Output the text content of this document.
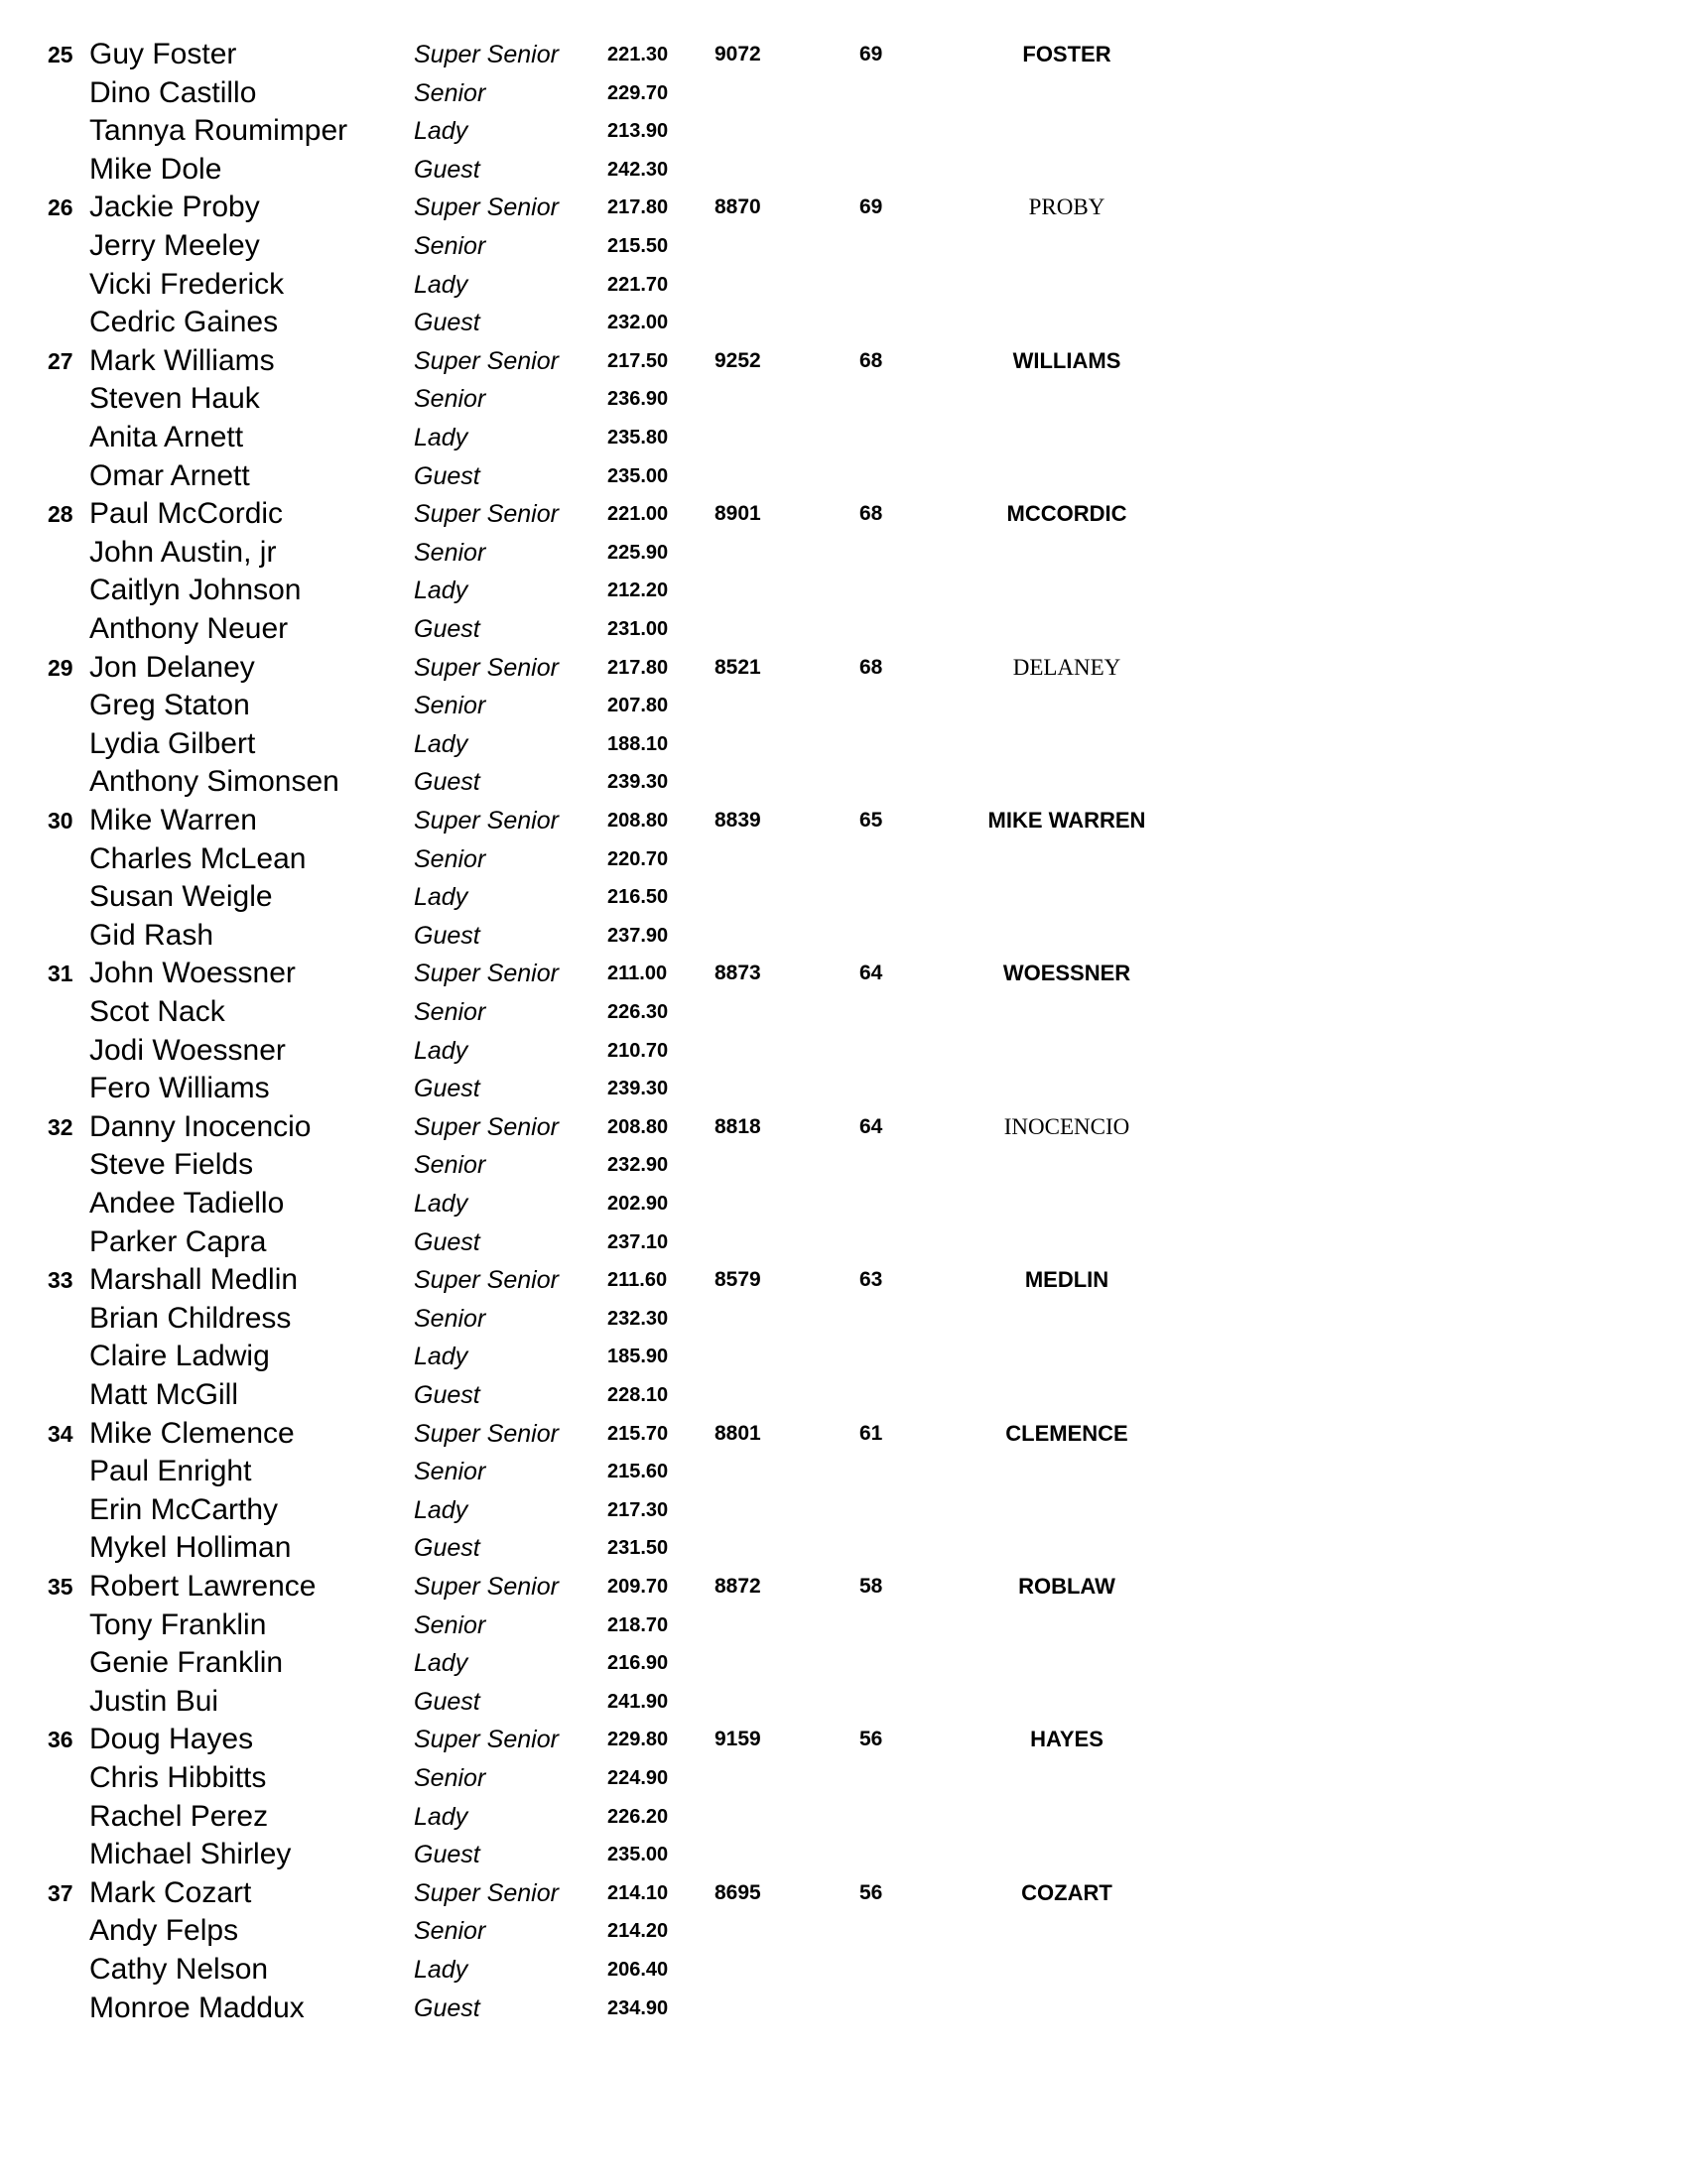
25 Guy Foster	Super Senior	221.30	9072	69	FOSTER
Dino Castillo	Senior	229.70
Tannya Roumimper	Lady	213.90
Mike Dole	Guest	242.30
26 Jackie Proby	Super Senior	217.80	8870	69	PROBY
Jerry Meeley	Senior	215.50
Vicki Frederick	Lady	221.70
Cedric Gaines	Guest	232.00
27 Mark Williams	Super Senior	217.50	9252	68	WILLIAMS
Steven Hauk	Senior	236.90
Anita Arnett	Lady	235.80
Omar Arnett	Guest	235.00
28 Paul McCordic	Super Senior	221.00	8901	68	MCCORDIC
John Austin, jr	Senior	225.90
Caitlyn Johnson	Lady	212.20
Anthony Neuer	Guest	231.00
29 Jon Delaney	Super Senior	217.80	8521	68	DELANEY
Greg Staton	Senior	207.80
Lydia Gilbert	Lady	188.10
Anthony Simonsen	Guest	239.30
30 Mike Warren	Super Senior	208.80	8839	65	MIKE WARREN
Charles McLean	Senior	220.70
Susan Weigle	Lady	216.50
Gid Rash	Guest	237.90
31 John Woessner	Super Senior	211.00	8873	64	WOESSNER
Scot Nack	Senior	226.30
Jodi Woessner	Lady	210.70
Fero Williams	Guest	239.30
32 Danny Inocencio	Super Senior	208.80	8818	64	INOCENCIO
Steve Fields	Senior	232.90
Andee Tadiello	Lady	202.90
Parker Capra	Guest	237.10
33 Marshall Medlin	Super Senior	211.60	8579	63	MEDLIN
Brian Childress	Senior	232.30
Claire Ladwig	Lady	185.90
Matt McGill	Guest	228.10
34 Mike Clemence	Super Senior	215.70	8801	61	CLEMENCE
Paul Enright	Senior	215.60
Erin McCarthy	Lady	217.30
Mykel Holliman	Guest	231.50
35 Robert Lawrence	Super Senior	209.70	8872	58	ROBLAW
Tony Franklin	Senior	218.70
Genie Franklin	Lady	216.90
Justin Bui	Guest	241.90
36 Doug Hayes	Super Senior	229.80	9159	56	HAYES
Chris Hibbitts	Senior	224.90
Rachel Perez	Lady	226.20
Michael Shirley	Guest	235.00
37 Mark Cozart	Super Senior	214.10	8695	56	COZART
Andy Felps	Senior	214.20
Cathy Nelson	Lady	206.40
Monroe Maddux	Guest	234.90
